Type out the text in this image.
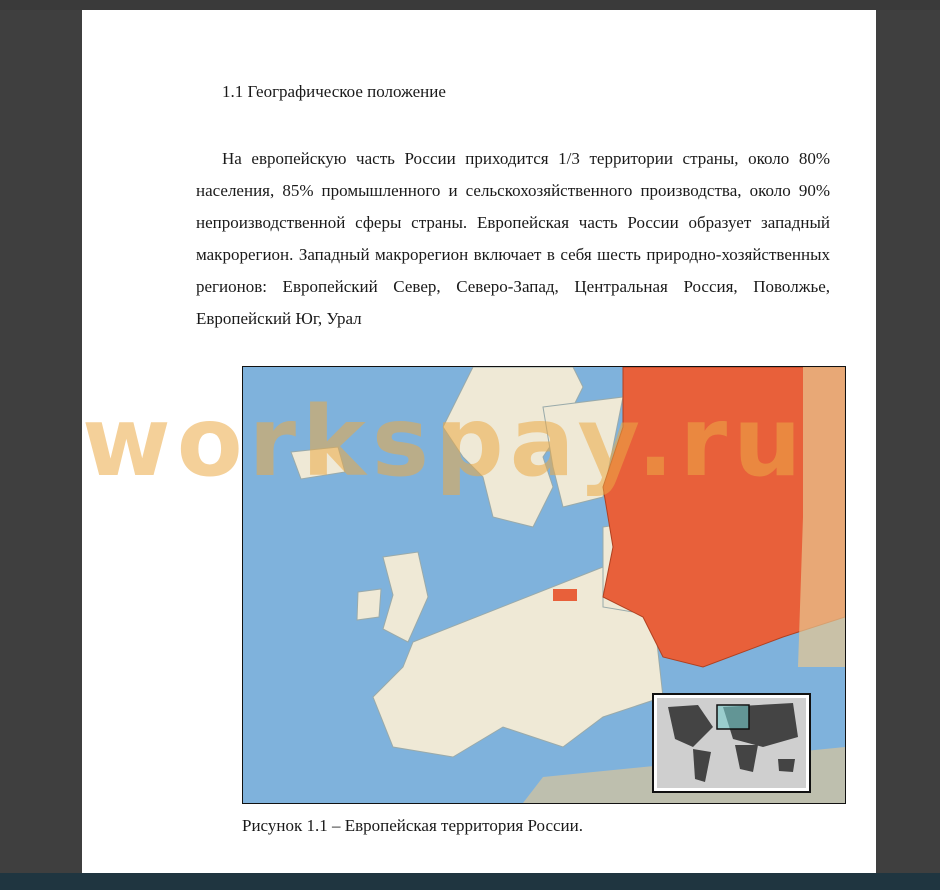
1.1 Географическое положение

На европейскую часть России приходится 1/3 территории страны, около 80% населения, 85% промышленного и сельскохозяйственного производства, около 90% непроизводственной сферы страны. Европейская часть России образует западный макрорегион. Западный макрорегион включает в себя шесть природно-хозяйственных регионов: Европейский Север, Северо-Запад, Центральная Россия, Поволжье, Европейский Юг, Урал

Рисунок 1.1 – Европейская территория России.
workspay.ru
